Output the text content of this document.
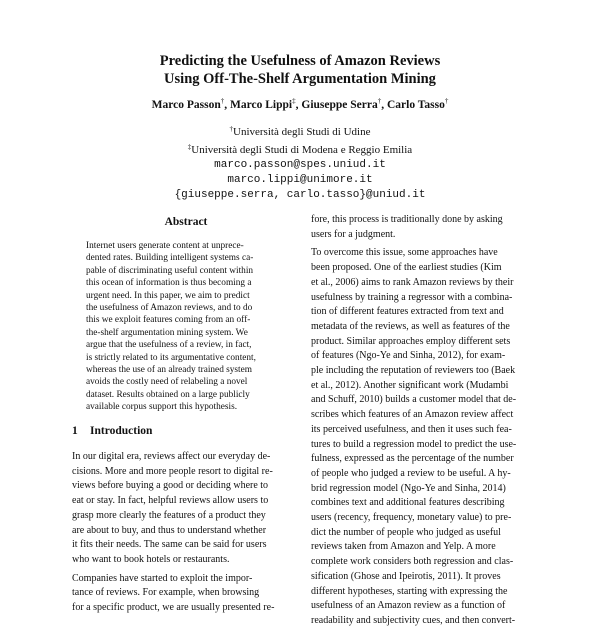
Predicting the Usefulness of Amazon Reviews
Using Off-The-Shelf Argumentation Mining
Marco Passon†, Marco Lippi‡, Giuseppe Serra†, Carlo Tasso†
†Università degli Studi di Udine
‡Università degli Studi di Modena e Reggio Emilia
marco.passon@spes.uniud.it
marco.lippi@unimore.it
{giuseppe.serra, carlo.tasso}@uniud.it
Abstract
Internet users generate content at unprece-
dented rates. Building intelligent systems ca-
pable of discriminating useful content within
this ocean of information is thus becoming a
urgent need. In this paper, we aim to predict
the usefulness of Amazon reviews, and to do
this we exploit features coming from an off-
the-shelf argumentation mining system. We
argue that the usefulness of a review, in fact,
is strictly related to its argumentative content,
whereas the use of an already trained system
avoids the costly need of relabeling a novel
dataset. Results obtained on a large publicly
available corpus support this hypothesis.
1 Introduction

In our digital era, reviews affect our everyday de-
cisions. More and more people resort to digital re-
views before buying a good or deciding where to
eat or stay. In fact, helpful reviews allow users to
grasp more clearly the features of a product they
are about to buy, and thus to understand whether
it fits their needs. The same can be said for users
who want to book hotels or restaurants.

Companies have started to exploit the impor-
tance of reviews. For example, when browsing
for a specific product, we are usually presented re-

fore, this process is traditionally done by asking
users for a judgment.

To overcome this issue, some approaches have
been proposed. One of the earliest studies (Kim
et al., 2006) aims to rank Amazon reviews by their
usefulness by training a regressor with a combina-
tion of different features extracted from text and
metadata of the reviews, as well as features of the
product. Similar approaches employ different sets
of features (Ngo-Ye and Sinha, 2012), for exam-
ple including the reputation of reviewers too (Baek
et al., 2012). Another significant work (Mudambi
and Schuff, 2010) builds a customer model that de-
scribes which features of an Amazon review affect
its perceived usefulness, and then it uses such fea-
tures to build a regression model to predict the use-
fulness, expressed as the percentage of the number
of people who judged a review to be useful. A hy-
brid regression model (Ngo-Ye and Sinha, 2014)
combines text and additional features describing
users (recency, frequency, monetary value) to pre-
dict the number of people who judged as useful
reviews taken from Amazon and Yelp. A more
complete work considers both regression and clas-
sification (Ghose and Ipeirotis, 2011). It proves
different hypotheses, starting with expressing the
usefulness of an Amazon review as a function of
readability and subjectivity cues, and then convert-
